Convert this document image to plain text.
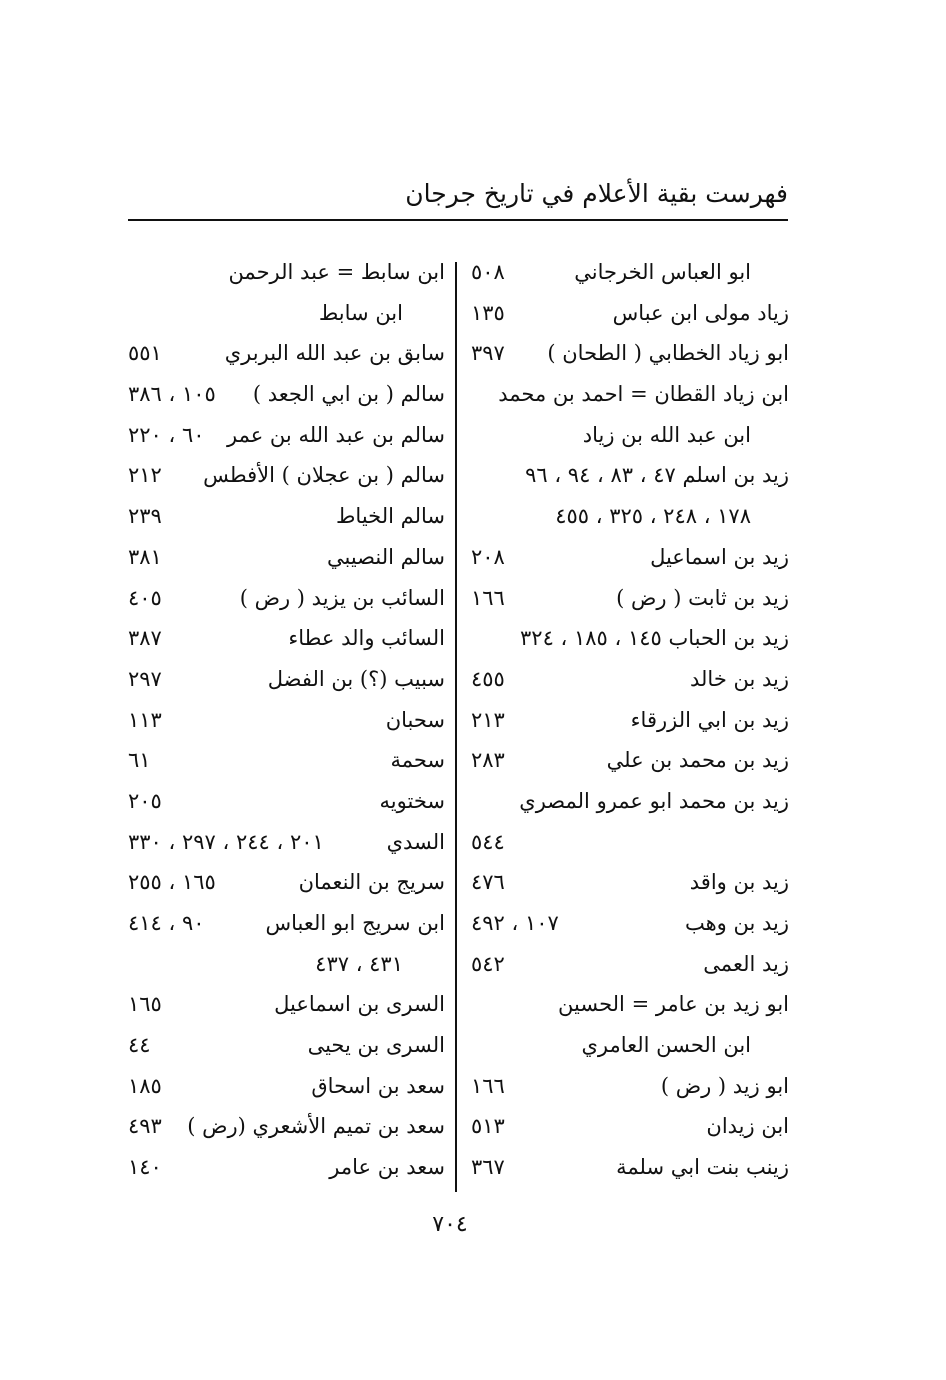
فهرست بقية الأعلام في تاريخ جرجان
ابو العباس الخرجاني
٥٠٨
زياد مولى ابن عباس
١٣٥
ابو زياد الخطابي ( الطحان )
٣٩٧
ابن زياد القطان = احمد بن محمد
ابن عبد الله بن زياد
زيد بن اسلم ٤٧ ، ٨٣ ، ٩٤ ، ٩٦
١٧٨ ، ٢٤٨ ، ٣٢٥ ، ٤٥٥
زيد بن اسماعيل
٢٠٨
زيد بن ثابت ( رض )
١٦٦
زيد بن الحباب ١٤٥ ، ١٨٥ ، ٣٢٤
زيد بن خالد
٤٥٥
زيد بن ابي الزرقاء
٢١٣
زيد بن محمد بن علي
٢٨٣
زيد بن محمد ابو عمرو المصري
٥٤٤
زيد بن واقد
٤٧٦
زيد بن وهب
١٠٧ ، ٤٩٢
زيد العمى
٥٤٢
ابو زيد بن عامر = الحسين
ابن الحسن العامري
ابو زيد ( رض )
١٦٦
ابن زيدان
٥١٣
زينب بنت ابي سلمة
٣٦٧
ابن سابط = عبد الرحمن
ابن سابط
سابق بن عبد الله البربري
٥٥١
سالم ( بن ابي الجعد )
١٠٥ ، ٣٨٦
سالم بن عبد الله بن عمر
٦٠ ، ٢٢٠
سالم ( بن عجلان ) الأفطس
٢١٢
سالم الخياط
٢٣٩
سالم النصيبي
٣٨١
السائب بن يزيد ( رض )
٤٠٥
السائب والد عطاء
٣٨٧
سبيب (؟) بن الفضل
٢٩٧
سحبان
١١٣
سحمة
٦١
سختويه
٢٠٥
السدي
٢٠١ ، ٢٤٤ ، ٢٩٧ ، ٣٣٠
سريج بن النعمان
١٦٥ ، ٢٥٥
ابن سريج ابو العباس
٩٠ ، ٤١٤
٤٣١ ، ٤٣٧
السرى بن اسماعيل
١٦٥
السرى بن يحيى
٤٤
سعد بن اسحاق
١٨٥
سعد بن تميم الأشعري (رض )
٤٩٣
سعد بن عامر
١٤٠
٧٠٤
